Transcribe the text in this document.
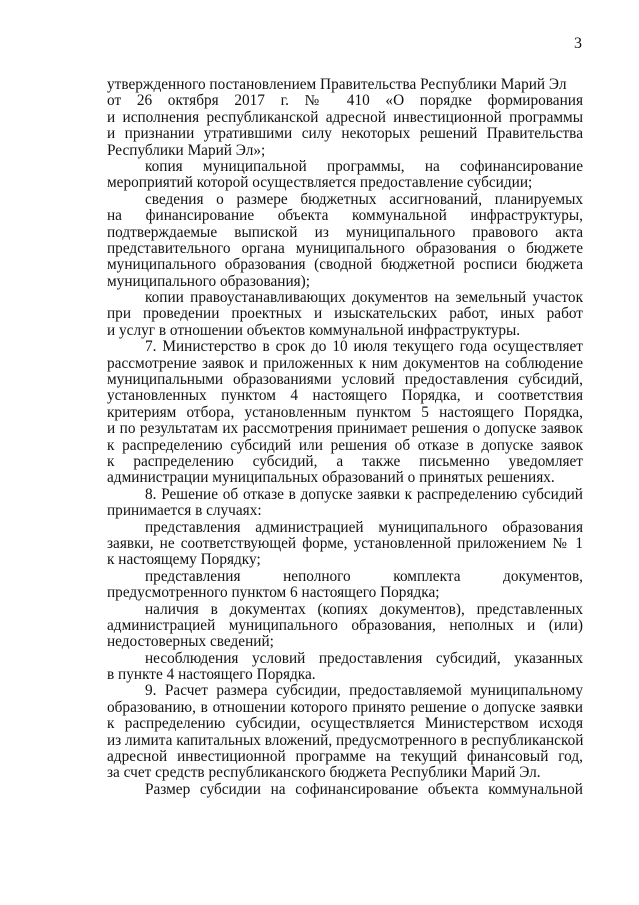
3
утвержденного постановлением Правительства Республики Марий Эл
от 26 октября 2017 г. № 410 «О порядке формирования
и исполнения республиканской адресной инвестиционной программы
и признании утратившими силу некоторых решений Правительства
Республики Марий Эл»;
копия муниципальной программы, на софинансирование
мероприятий которой осуществляется предоставление субсидии;
сведения о размере бюджетных ассигнований, планируемых
на финансирование объекта коммунальной инфраструктуры,
подтверждаемые выпиской из муниципального правового акта
представительного органа муниципального образования о бюджете
муниципального образования (сводной бюджетной росписи бюджета
муниципального образования);
копии правоустанавливающих документов на земельный участок
при проведении проектных и изыскательских работ, иных работ
и услуг в отношении объектов коммунальной инфраструктуры.
7. Министерство в срок до 10 июля текущего года осуществляет
рассмотрение заявок и приложенных к ним документов на соблюдение
муниципальными образованиями условий предоставления субсидий,
установленных пунктом 4 настоящего Порядка, и соответствия
критериям отбора, установленным пунктом 5 настоящего Порядка,
и по результатам их рассмотрения принимает решения о допуске заявок
к распределению субсидий или решения об отказе в допуске заявок
к распределению субсидий, а также письменно уведомляет
администрации муниципальных образований о принятых решениях.
8. Решение об отказе в допуске заявки к распределению субсидий
принимается в случаях:
представления администрацией муниципального образования
заявки, не соответствующей форме, установленной приложением № 1
к настоящему Порядку;
представления неполного комплекта документов,
предусмотренного пунктом 6 настоящего Порядка;
наличия в документах (копиях документов), представленных
администрацией муниципального образования, неполных и (или)
недостоверных сведений;
несоблюдения условий предоставления субсидий, указанных
в пункте 4 настоящего Порядка.
9. Расчет размера субсидии, предоставляемой муниципальному
образованию, в отношении которого принято решение о допуске заявки
к распределению субсидии, осуществляется Министерством исходя
из лимита капитальных вложений, предусмотренного в республиканской
адресной инвестиционной программе на текущий финансовый год,
за счет средств республиканского бюджета Республики Марий Эл.
Размер субсидии на софинансирование объекта коммунальной
